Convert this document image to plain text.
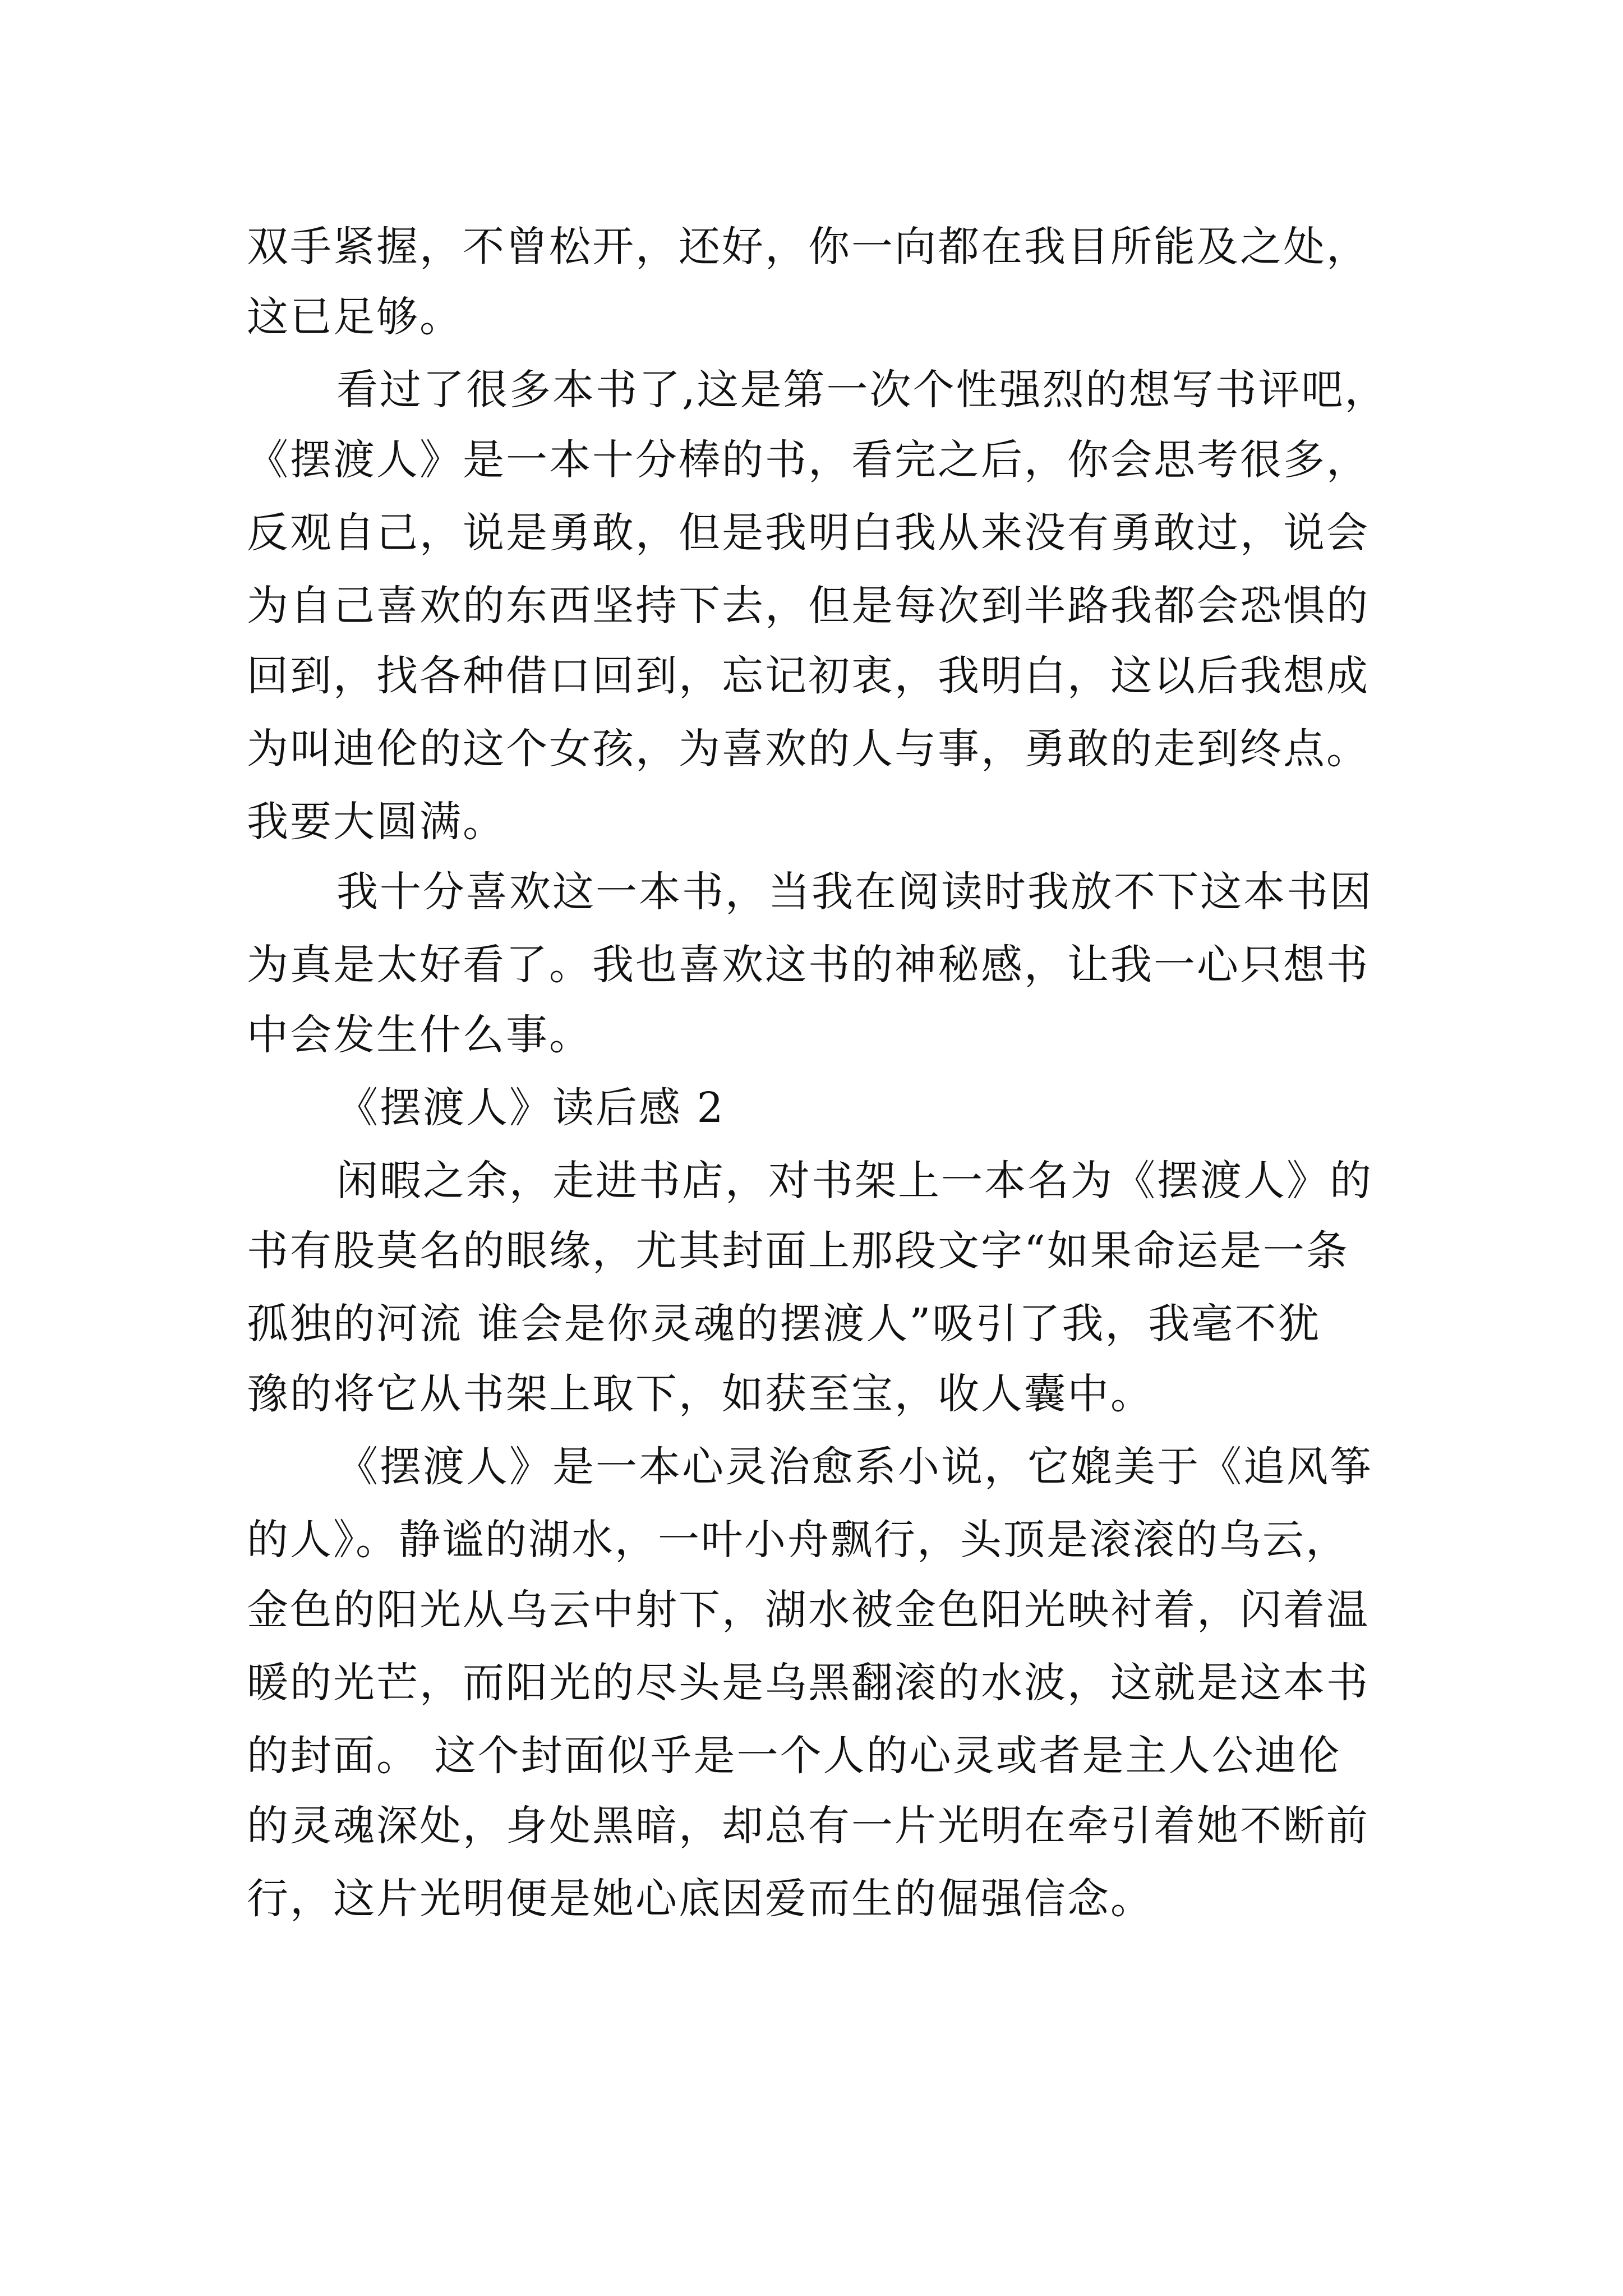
双手紧握，不曾松开，还好，你一向都在我目所能及之处，
这已足够。
看过了很多本书了,这是第一次个性强烈的想写书评吧，
《摆渡人》是一本十分棒的书，看完之后，你会思考很多，
反观自己，说是勇敢，但是我明白我从来没有勇敢过，说会
为自己喜欢的东西坚持下去，但是每次到半路我都会恐惧的
回到，找各种借口回到，忘记初衷，我明白，这以后我想成
为叫迪伦的这个女孩，为喜欢的人与事，勇敢的走到终点。
我要大圆满。
我十分喜欢这一本书，当我在阅读时我放不下这本书因
为真是太好看了。我也喜欢这书的神秘感，让我一心只想书
中会发生什么事。
《摆渡人》读后感 2
闲暇之余，走进书店，对书架上一本名为《摆渡人》的
书有股莫名的眼缘，尤其封面上那段文字“如果命运是一条
孤独的河流 谁会是你灵魂的摆渡人”吸引了我，我毫不犹
豫的将它从书架上取下，如获至宝，收人囊中。
《摆渡人》是一本心灵治愈系小说，它媲美于《追风筝
的人》。静谧的湖水，一叶小舟飘行，头顶是滚滚的乌云，
金色的阳光从乌云中射下，湖水被金色阳光映衬着，闪着温
暖的光芒，而阳光的尽头是乌黑翻滚的水波，这就是这本书
的封面。 这个封面似乎是一个人的心灵或者是主人公迪伦
的灵魂深处，身处黑暗，却总有一片光明在牵引着她不断前
行，这片光明便是她心底因爱而生的倔强信念。
